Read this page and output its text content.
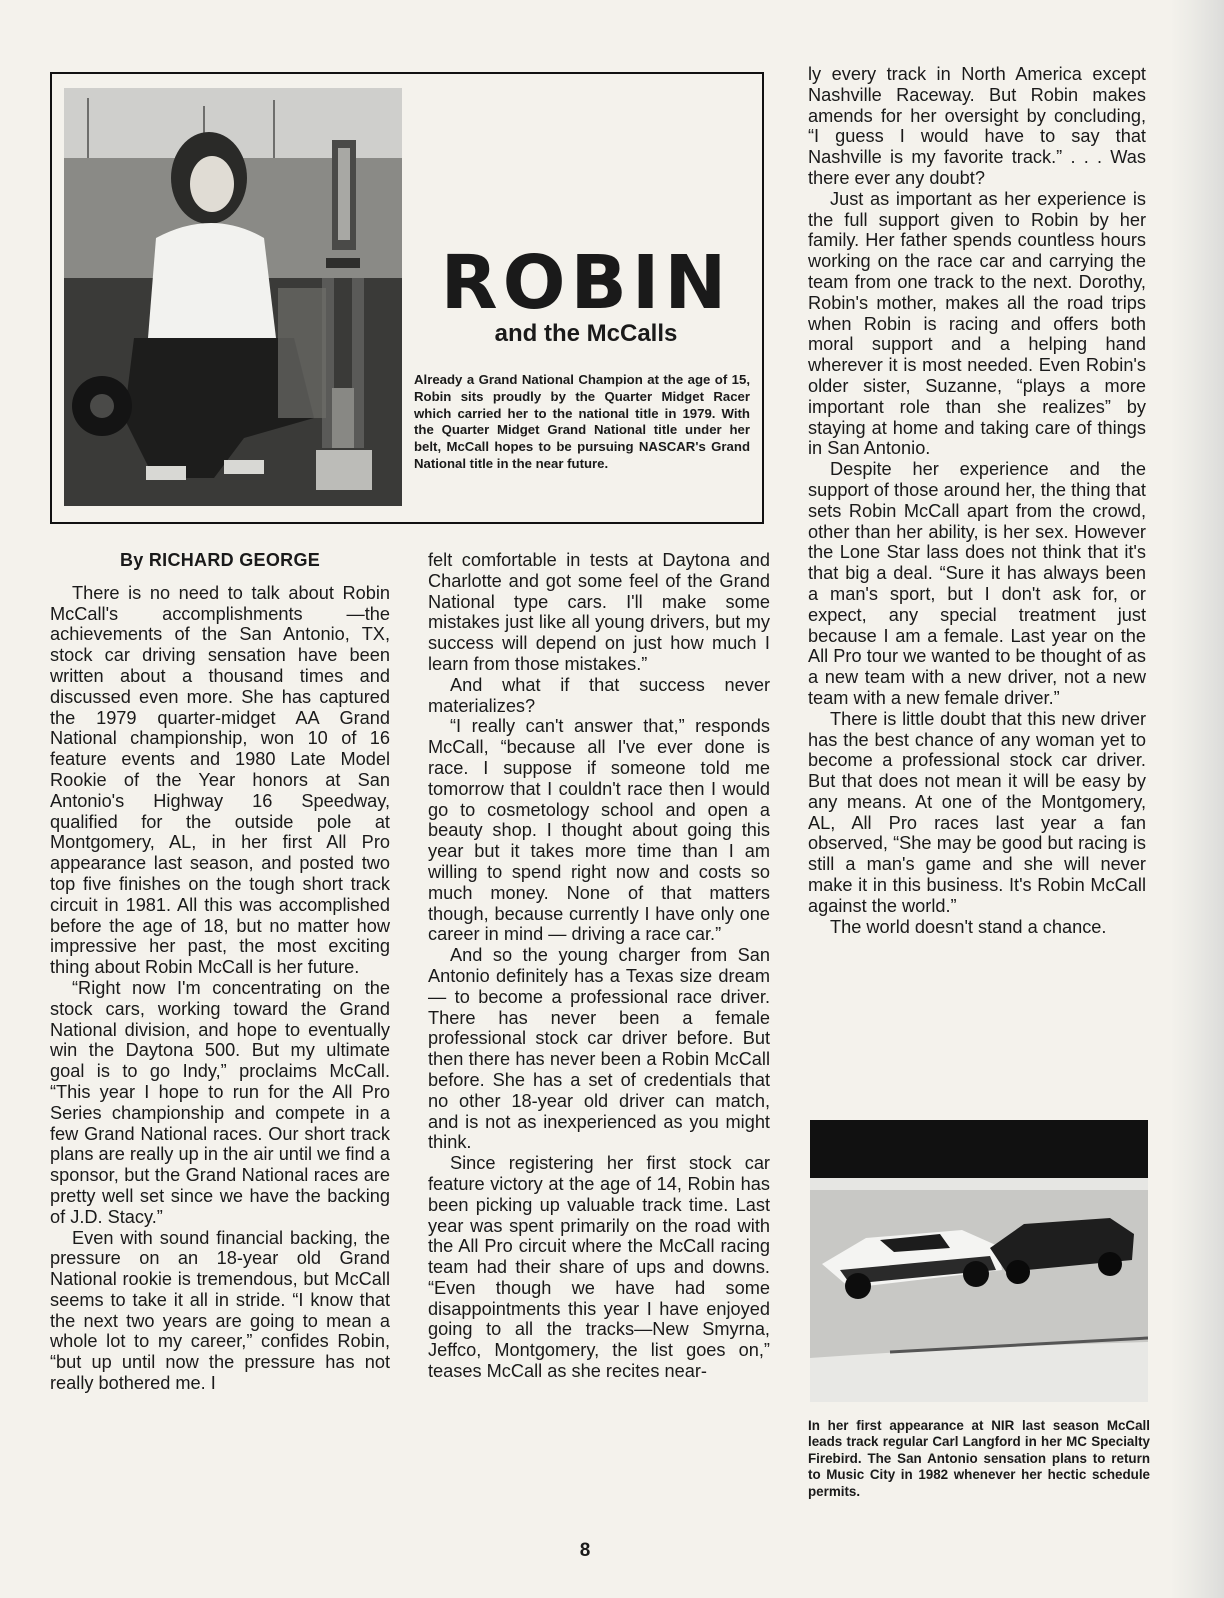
ROBIN
and the McCalls
Already a Grand National Champion at the age of 15, Robin sits proudly by the Quarter Midget Racer which carried her to the national title in 1979. With the Quarter Midget Grand National title under her belt, McCall hopes to be pursuing NASCAR's Grand National title in the near future.
By RICHARD GEORGE

There is no need to talk about Robin McCall's accomplishments —the achievements of the San Antonio, TX, stock car driving sensation have been written about a thousand times and discussed even more. She has captured the 1979 quarter-midget AA Grand National championship, won 10 of 16 feature events and 1980 Late Model Rookie of the Year honors at San Antonio's Highway 16 Speedway, qualified for the outside pole at Montgomery, AL, in her first All Pro appearance last season, and posted two top five finishes on the tough short track circuit in 1981. All this was accomplished before the age of 18, but no matter how impressive her past, the most exciting thing about Robin McCall is her future.

“Right now I'm concentrating on the stock cars, working toward the Grand National division, and hope to eventually win the Daytona 500. But my ultimate goal is to go Indy,” proclaims McCall. “This year I hope to run for the All Pro Series championship and compete in a few Grand National races. Our short track plans are really up in the air until we find a sponsor, but the Grand National races are pretty well set since we have the backing of J.D. Stacy.”

Even with sound financial backing, the pressure on an 18-year old Grand National rookie is tremendous, but McCall seems to take it all in stride. “I know that the next two years are going to mean a whole lot to my career,” confides Robin, “but up until now the pressure has not really bothered me. I

felt comfortable in tests at Daytona and Charlotte and got some feel of the Grand National type cars. I'll make some mistakes just like all young drivers, but my success will depend on just how much I learn from those mistakes.”

And what if that success never materializes?

“I really can't answer that,” responds McCall, “because all I've ever done is race. I suppose if someone told me tomorrow that I couldn't race then I would go to cosmetology school and open a beauty shop. I thought about going this year but it takes more time than I am willing to spend right now and costs so much money. None of that matters though, because currently I have only one career in mind — driving a race car.”

And so the young charger from San Antonio definitely has a Texas size dream — to become a professional race driver. There has never been a female professional stock car driver before. But then there has never been a Robin McCall before. She has a set of credentials that no other 18-year old driver can match, and is not as inexperienced as you might think.

Since registering her first stock car feature victory at the age of 14, Robin has been picking up valuable track time. Last year was spent primarily on the road with the All Pro circuit where the McCall racing team had their share of ups and downs. “Even though we have had some disappointments this year I have enjoyed going to all the tracks—New Smyrna, Jeffco, Montgomery, the list goes on,” teases McCall as she recites near-

ly every track in North America except Nashville Raceway. But Robin makes amends for her oversight by concluding, “I guess I would have to say that Nashville is my favorite track.” . . . Was there ever any doubt?

Just as important as her experience is the full support given to Robin by her family. Her father spends countless hours working on the race car and carrying the team from one track to the next. Dorothy, Robin's mother, makes all the road trips when Robin is racing and offers both moral support and a helping hand wherever it is most needed. Even Robin's older sister, Suzanne, “plays a more important role than she realizes” by staying at home and taking care of things in San Antonio.

Despite her experience and the support of those around her, the thing that sets Robin McCall apart from the crowd, other than her ability, is her sex. However the Lone Star lass does not think that it's that big a deal. “Sure it has always been a man's sport, but I don't ask for, or expect, any special treatment just because I am a female. Last year on the All Pro tour we wanted to be thought of as a new team with a new driver, not a new team with a new female driver.”

There is little doubt that this new driver has the best chance of any woman yet to become a professional stock car driver. But that does not mean it will be easy by any means. At one of the Montgomery, AL, All Pro races last year a fan observed, “She may be good but racing is still a man's game and she will never make it in this business. It's Robin McCall against the world.”

The world doesn't stand a chance.

In her first appearance at NIR last season McCall leads track regular Carl Langford in her MC Specialty Firebird. The San Antonio sensation plans to return to Music City in 1982 whenever her hectic schedule permits.
8
